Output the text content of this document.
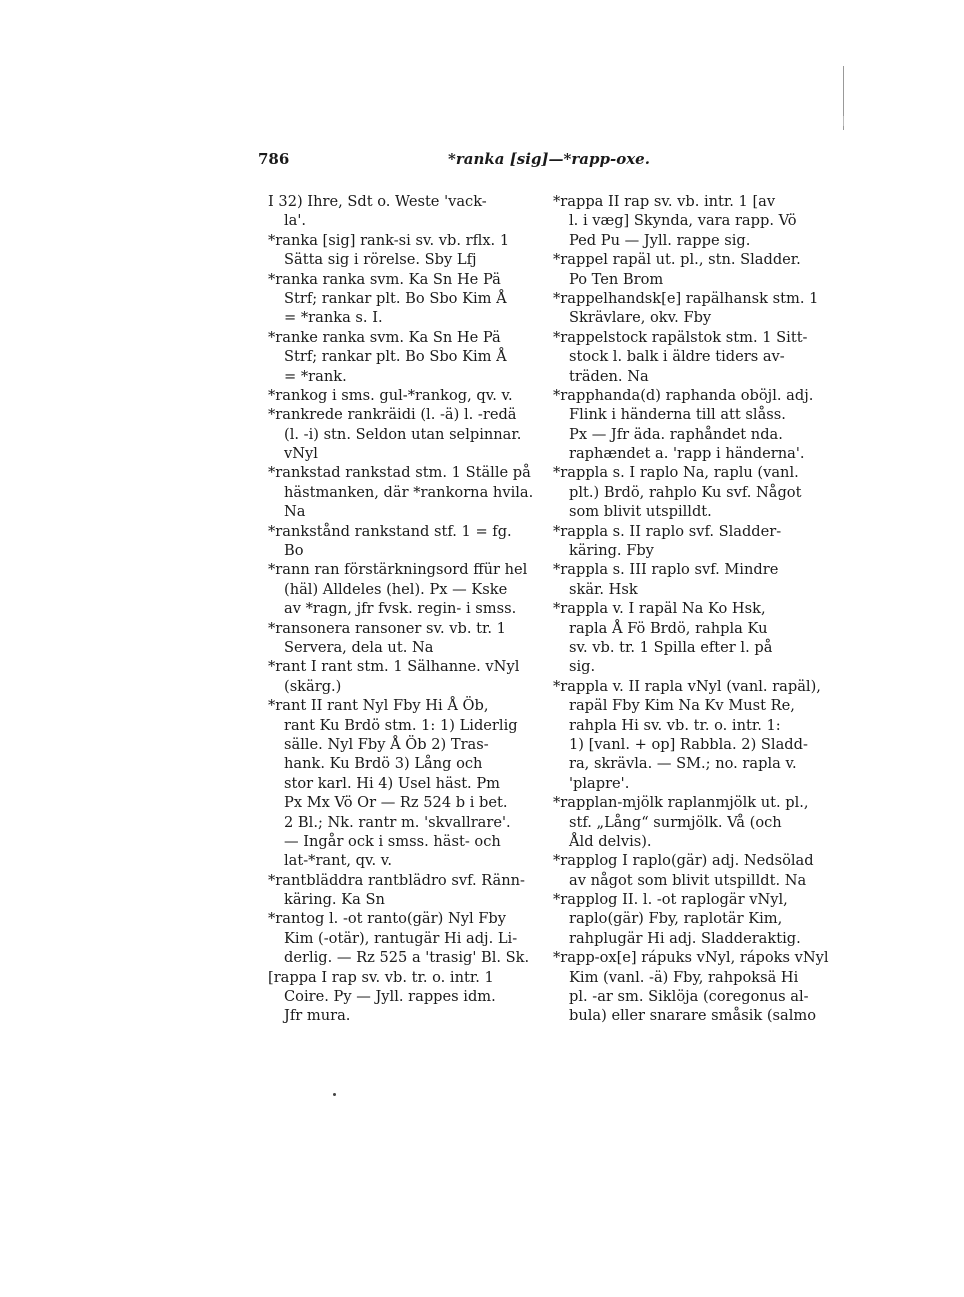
786	*ranka [sig]—*rapp-oxe.
I 32) Ihre, Sdt o. Weste 'vack-
la'.
*ranka [sig] rank-si sv. vb. rflx. 1
Sätta sig i rörelse. Sby Lfj
*ranka ranka svm. Ka Sn He Pä
Strf; rankar plt. Bo Sbo Kim Å
= *ranka s. I.
*ranke ranka svm. Ka Sn He Pä
Strf; rankar plt. Bo Sbo Kim Å
= *rank.
*rankog i sms. gul-*rankog, qv. v.
*rankrede rankräidi (l. -ä) l. -redä
(l. -i) stn. Seldon utan selpinnar.
vNyl
*rankstad rankstad stm. 1 Ställe på
hästmanken, där *rankorna hvila.
Na
*rankstånd rankstand stf. 1 = fg.
Bo
*rann ran förstärkningsord ffür hel
(häl) Alldeles (hel). Px — Kske
av *ragn, jfr fvsk. regin- i smss.
*ransonera ransoner sv. vb. tr. 1
Servera, dela ut. Na
*rant I rant stm. 1 Sälhanne. vNyl
(skärg.)
*rant II rant Nyl Fby Hi Å Öb,
rant Ku Brdö stm. 1: 1) Liderlig
sälle. Nyl Fby Å Öb 2) Tras-
hank. Ku Brdö 3) Lång och
stor karl. Hi 4) Usel häst. Pm
Px Mx Vö Or — Rz 524 b i bet.
2 Bl.; Nk. rantr m. 'skvallrare'.
— Ingår ock i smss. häst- och
lat-*rant, qv. v.
*rantbläddra rantblädro svf. Ränn-
käring. Ka Sn
*rantog l. -ot ranto(gär) Nyl Fby
Kim (-otär), rantugär Hi adj. Li-
derlig. — Rz 525 a 'trasig' Bl. Sk.
[rappa I rap sv. vb. tr. o. intr. 1
Coire. Py — Jyll. rappes idm.
Jfr mura.
*rappa II rap sv. vb. intr. 1 [av
l. i væg] Skynda, vara rapp. Vö
Ped Pu — Jyll. rappe sig.
*rappel rapäl ut. pl., stn. Sladder.
Po Ten Brom
*rappelhandsk[e] rapälhansk stm. 1
Skrävlare, okv. Fby
*rappelstock rapälstok stm. 1 Sitt-
stock l. balk i äldre tiders av-
träden. Na
*rapphanda(d) raphanda oböjl. adj.
Flink i händerna till att slåss.
Px — Jfr äda. raphåndet nda.
raphændet a. 'rapp i händerna'.
*rappla s. I raplo Na, raplu (vanl.
plt.) Brdö, rahplo Ku svf. Något
som blivit utspilldt.
*rappla s. II raplo svf. Sladder-
käring. Fby
*rappla s. III raplo svf. Mindre
skär. Hsk
*rappla v. I rapäl Na Ko Hsk,
rapla Å Fö Brdö, rahpla Ku
sv. vb. tr. 1 Spilla efter l. på
sig.
*rappla v. II rapla vNyl (vanl. rapäl),
rapäl Fby Kim Na Kv Must Re,
rahpla Hi sv. vb. tr. o. intr. 1:
1) [vanl. + op] Rabbla. 2) Sladd-
ra, skrävla. — SM.; no. rapla v.
'plapre'.
*rapplan-mjölk raplanmjölk ut. pl.,
stf. „Lång“ surmjölk. Vå (och
Åld delvis).
*rapplog I raplo(gär) adj. Nedsölad
av något som blivit utspilldt. Na
*rapplog II. l. -ot raplogär vNyl,
raplo(gär) Fby, raplotär Kim,
rahplugär Hi adj. Sladderaktig.
*rapp-ox[e] rápuks vNyl, rápoks vNyl
Kim (vanl. -ä) Fby, rahpoksä Hi
pl. -ar sm. Siklöja (coregonus al-
bula) eller snarare småsik (salmo
